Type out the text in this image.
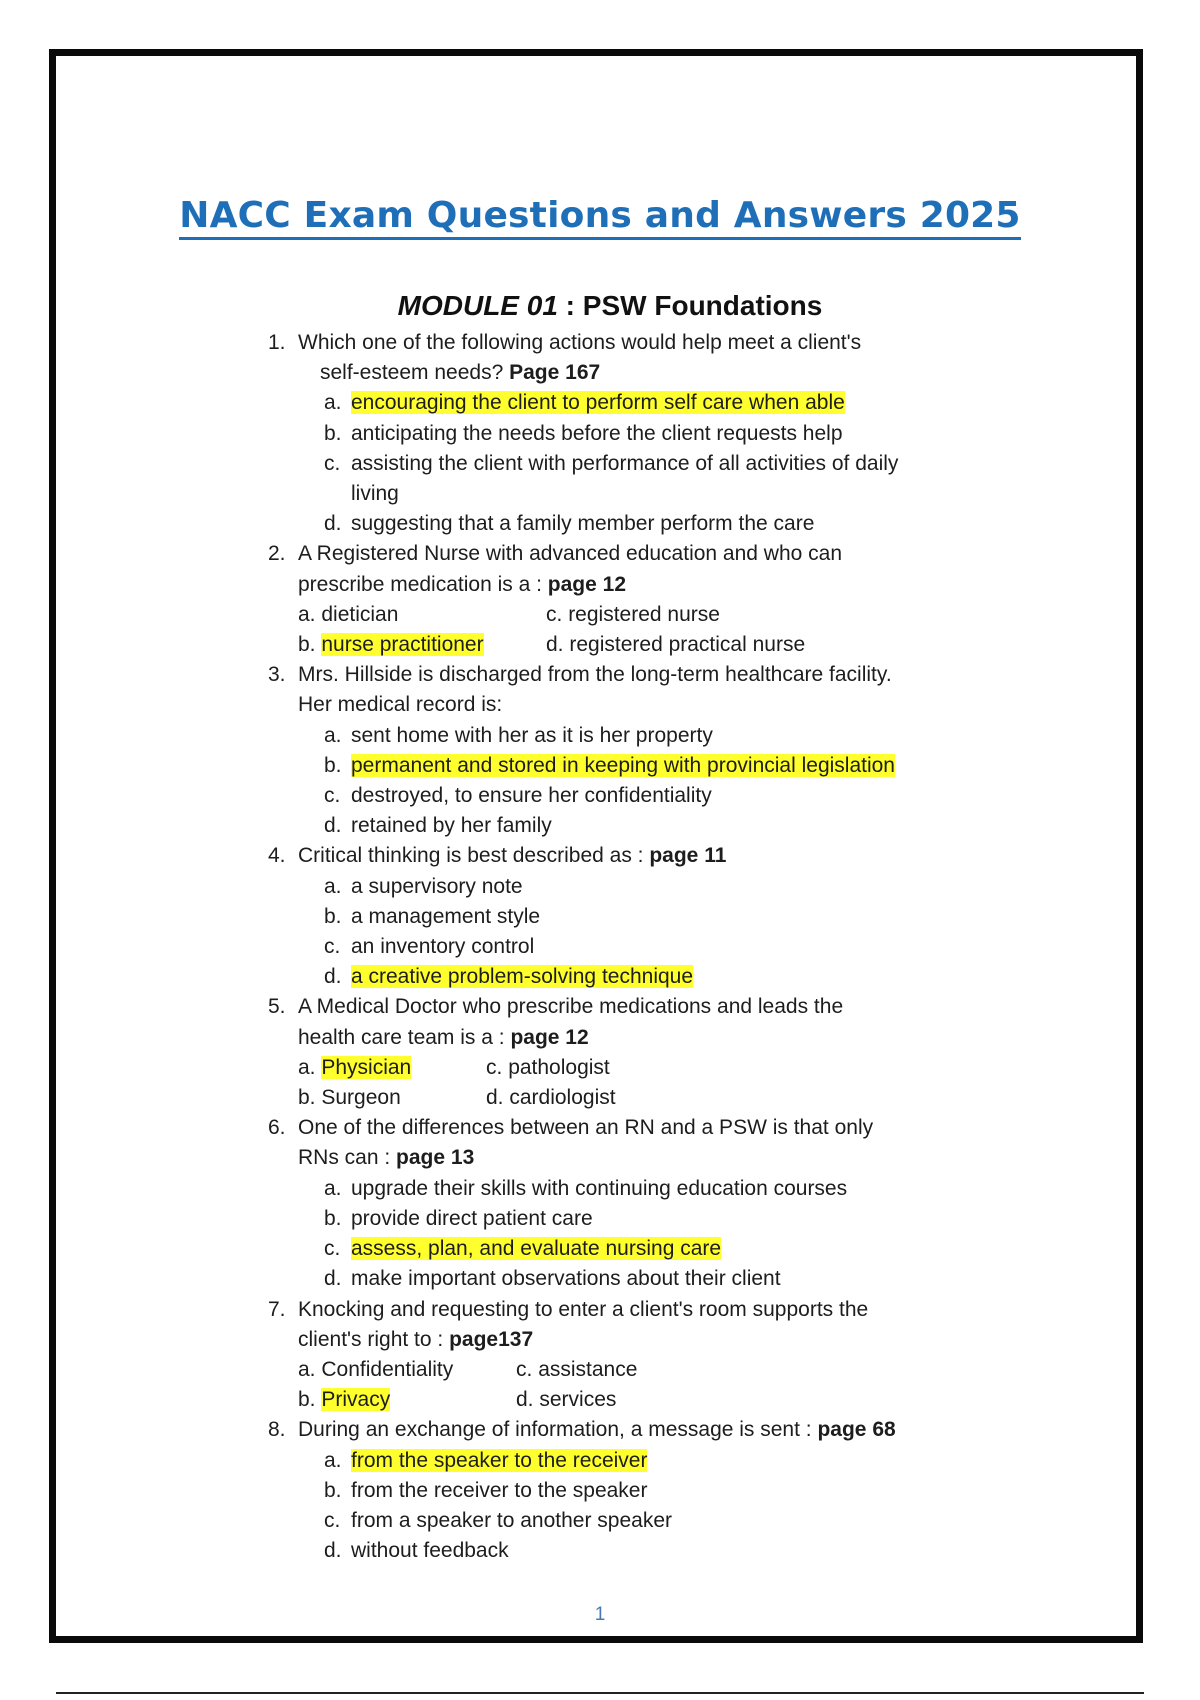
NACC Exam Questions and Answers 2025
MODULE 01 : PSW Foundations
1. Which one of the following actions would help meet a client's
self-esteem needs? Page 167
a. encouraging the client to perform self care when able
b. anticipating the needs before the client requests help
c. assisting the client with performance of all activities of daily
living
d. suggesting that a family member perform the care
2. A Registered Nurse with advanced education and who can
prescribe medication is a : page 12
a. dietician	c. registered nurse
b. nurse practitioner	d. registered practical nurse
3. Mrs. Hillside is discharged from the long-term healthcare facility.
Her medical record is:
a. sent home with her as it is her property
b. permanent and stored in keeping with provincial legislation
c. destroyed, to ensure her confidentiality
d. retained by her family
4. Critical thinking is best described as : page 11
a. a supervisory note
b. a management style
c. an inventory control
d. a creative problem-solving technique
5. A Medical Doctor who prescribe medications and leads the
health care team is a : page 12
a. Physician	c. pathologist
b. Surgeon	d. cardiologist
6. One of the differences between an RN and a PSW is that only
RNs can : page 13
a. upgrade their skills with continuing education courses
b. provide direct patient care
c. assess, plan, and evaluate nursing care
d. make important observations about their client
7. Knocking and requesting to enter a client's room supports the
client's right to : page137
a. Confidentiality	c. assistance
b. Privacy	d. services
8. During an exchange of information, a message is sent : page 68
a. from the speaker to the receiver
b. from the receiver to the speaker
c. from a speaker to another speaker
d. without feedback
1
